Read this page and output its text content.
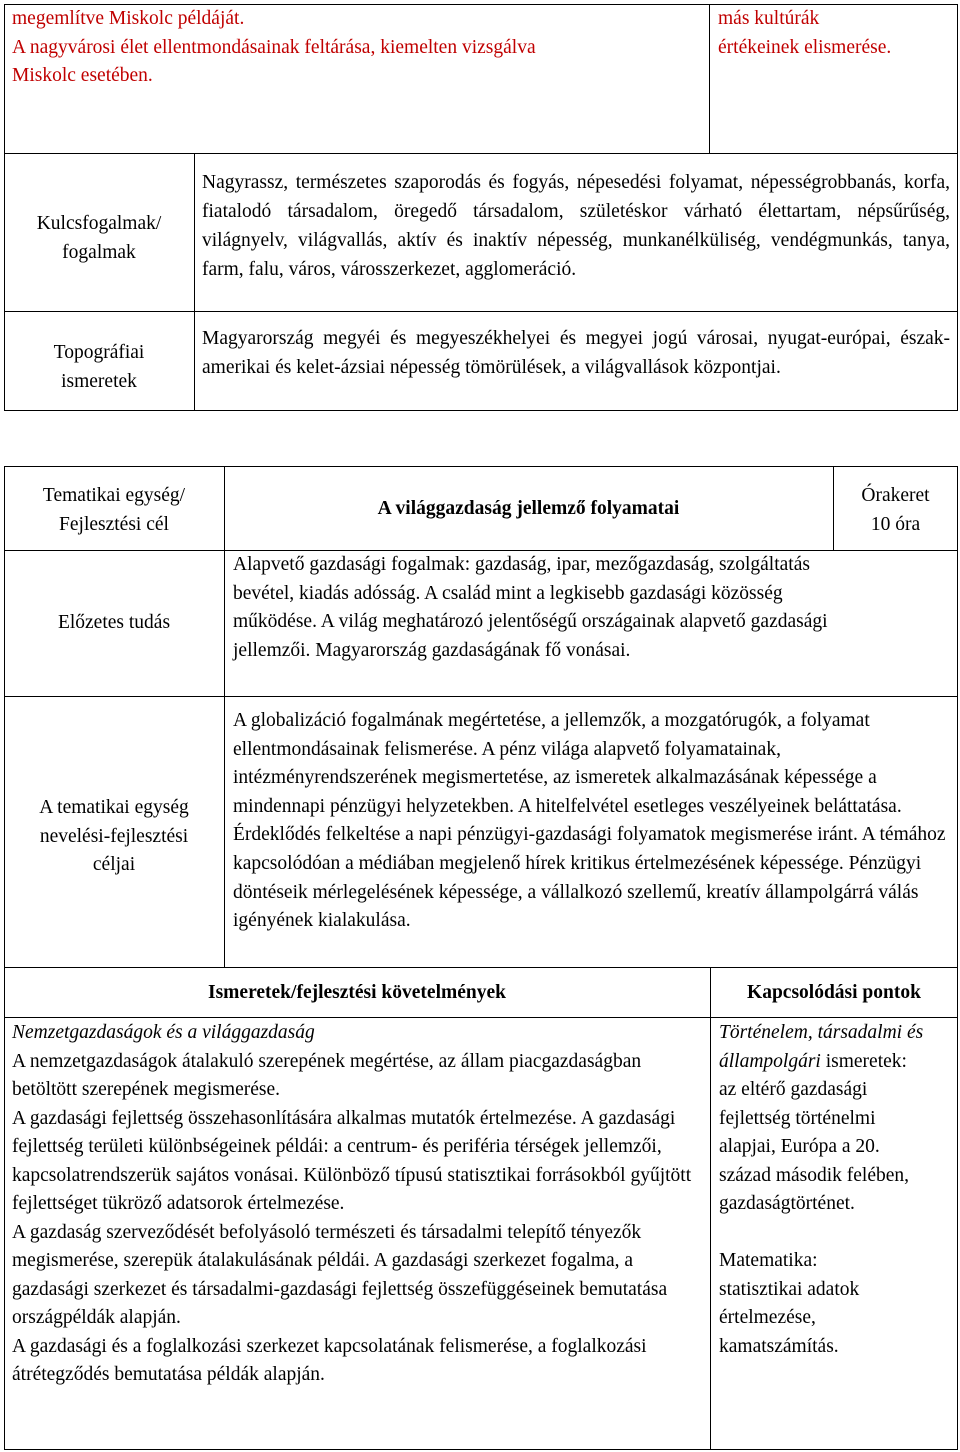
megemlítve Miskolc példáját.

A nagyvárosi élet ellentmondásainak feltárása, kiemelten vizsgálva

Miskolc esetében.

más kultúrák

értékeinek elismerése.

Kulcsfogalmak/

fogalmak

Nagyrassz, természetes szaporodás és fogyás, népesedési folyamat, népességrobbanás, korfa, fiatalodó társadalom, öregedő társadalom, születéskor várható élettartam, népsűrűség, világnyelv, világvallás, aktív és inaktív népesség, munkanélküliség, vendégmunkás, tanya, farm, falu, város, városszerkezet, agglomeráció.

Topográfiai

ismeretek

Magyarország megyéi és megyeszékhelyei és megyei jogú városai, nyugat-európai, észak-amerikai és kelet-ázsiai népesség tömörülések, a világvallások központjai.

Tematikai egység/

Fejlesztési cél

A világgazdaság jellemző folyamatai

Órakeret

10 óra

Előzetes tudás
Alapvető gazdasági fogalmak: gazdaság, ipar, mezőgazdaság, szolgáltatás bevétel, kiadás adósság. A család mint a legkisebb gazdasági közösség működése. A világ meghatározó jelentőségű országainak alapvető gazdasági jellemzői. Magyarország gazdaságának fő vonásai.

A tematikai egység

nevelési-fejlesztési

céljai

A globalizáció fogalmának megértetése, a jellemzők, a mozgatórugók, a folyamat ellentmondásainak felismerése. A pénz világa alapvető folyamatainak, intézményrendszerének megismertetése, az ismeretek alkalmazásának képessége a mindennapi pénzügyi helyzetekben. A hitelfelvétel esetleges veszélyeinek beláttatása. Érdeklődés felkeltése a napi pénzügyi-gazdasági folyamatok megismerése iránt. A témához kapcsolódóan a médiában megjelenő hírek kritikus értelmezésének képessége. Pénzügyi döntéseik mérlegelésének képessége, a vállalkozó szellemű, kreatív állampolgárrá válás igényének kialakulása.
Ismeretek/fejlesztési követelmények	Kapcsolódási pontok

Nemzetgazdaságok és a világgazdaság

A nemzetgazdaságok átalakuló szerepének megértése, az állam piacgazdaságban betöltött szerepének megismerése.

A gazdasági fejlettség összehasonlítására alkalmas mutatók értelmezése. A gazdasági fejlettség területi különbségeinek példái: a centrum- és periféria térségek jellemzői, kapcsolatrendszerük sajátos vonásai. Különböző típusú statisztikai forrásokból gyűjtött fejlettséget tükröző adatsorok értelmezése.

A gazdaság szerveződését befolyásoló természeti és társadalmi telepítő tényezők megismerése, szerepük átalakulásának példái. A gazdasági szerkezet fogalma, a gazdasági szerkezet és társadalmi-gazdasági fejlettség összefüggéseinek bemutatása országpéldák alapján.

A gazdasági és a foglalkozási szerkezet kapcsolatának felismerése, a foglalkozási átrétegződés bemutatása példák alapján.

Történelem, társadalmi és állampolgári ismeretek: az eltérő gazdasági fejlettség történelmi alapjai, Európa a 20. század második felében, gazdaságtörténet.

Matematika:

statisztikai adatok értelmezése, kamatszámítás.
